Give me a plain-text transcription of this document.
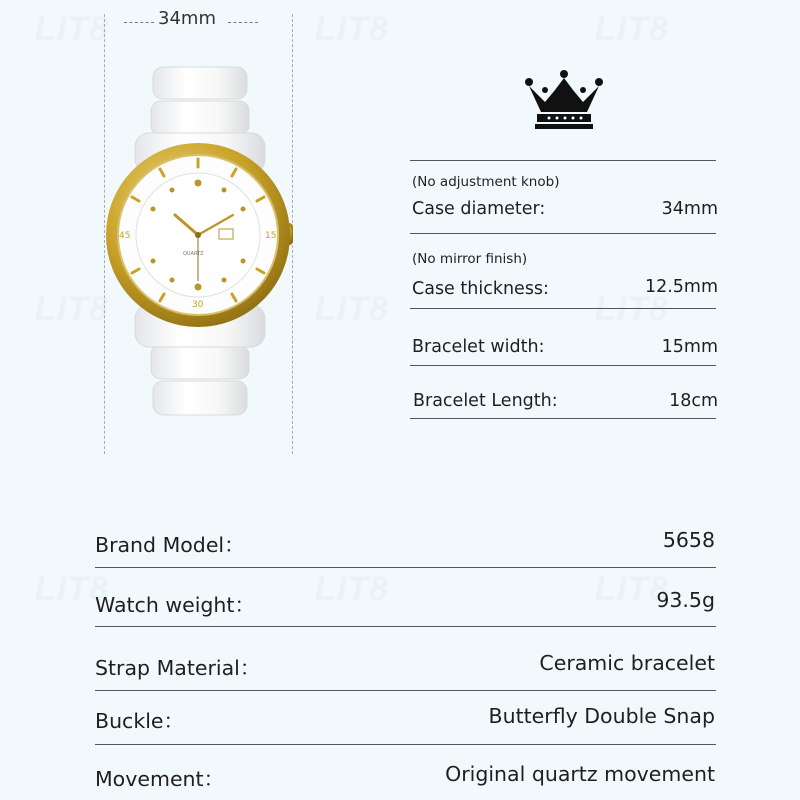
LIT8	LIT8	LIT8
LIT8	LIT8	LIT8
LIT8	LIT8	LIT8
34mm
15
30
45
QUARTZ
(No adjustment knob)
Case diameter:	34mm
(No mirror finish)
Case thickness:	12.5mm
Bracelet width:	15mm
Bracelet Length:	18cm
Brand Model：	5658
Watch weight：	93.5g
Strap Material：	Ceramic bracelet
Buckle：	Butterfly Double Snap
Movement：	Original quartz movement
